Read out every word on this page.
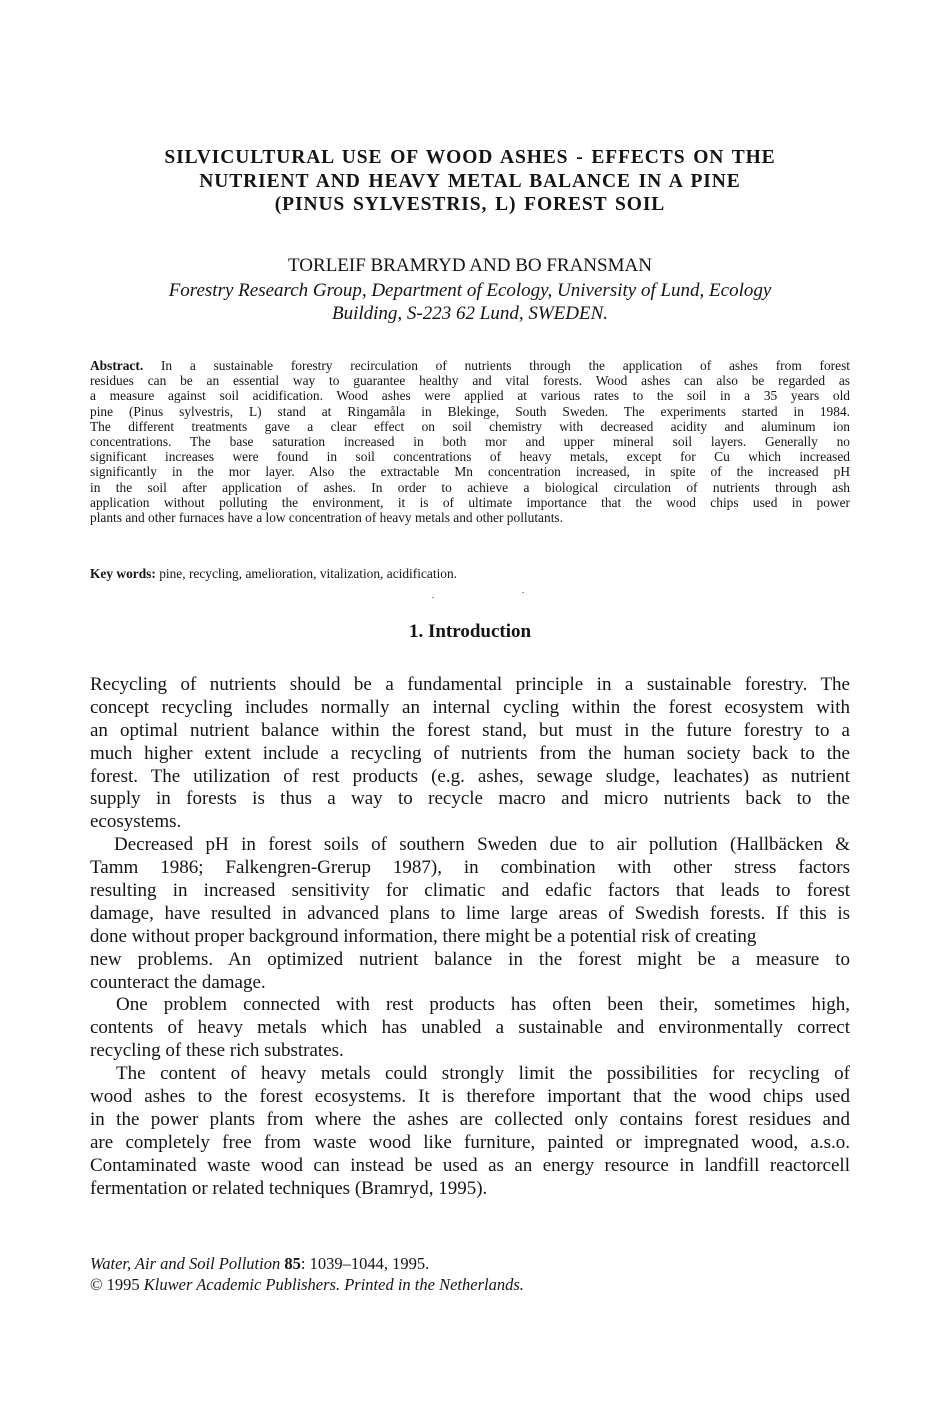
SILVICULTURAL USE OF WOOD ASHES - EFFECTS ON THE
NUTRIENT AND HEAVY METAL BALANCE IN A PINE
(PINUS SYLVESTRIS, L) FOREST SOIL
TORLEIF BRAMRYD AND BO FRANSMAN
Forestry Research Group, Department of Ecology, University of Lund, Ecology
Building, S-223 62 Lund, SWEDEN.
Abstract. In a sustainable forestry recirculation of nutrients through the application of ashes from forest
residues can be an essential way to guarantee healthy and vital forests. Wood ashes can also be regarded as
a measure against soil acidification. Wood ashes were applied at various rates to the soil in a 35 years old
pine (Pinus sylvestris, L) stand at Ringamåla in Blekinge, South Sweden. The experiments started in 1984.
The different treatments gave a clear effect on soil chemistry with decreased acidity and aluminum ion
concentrations. The base saturation increased in both mor and upper mineral soil layers. Generally no
significant increases were found in soil concentrations of heavy metals, except for Cu which increased
significantly in the mor layer. Also the extractable Mn concentration increased, in spite of the increased pH
in the soil after application of ashes. In order to achieve a biological circulation of nutrients through ash
application without polluting the environment, it is of ultimate importance that the wood chips used in power
plants and other furnaces have a low concentration of heavy metals and other pollutants.
Key words: pine, recycling, amelioration, vitalization, acidification.
1. Introduction
Recycling of nutrients should be a fundamental principle in a sustainable forestry. The
concept recycling includes normally an internal cycling within the forest ecosystem with
an optimal nutrient balance within the forest stand, but must in the future forestry to a
much higher extent include a recycling of nutrients from the human society back to the
forest. The utilization of rest products (e.g. ashes, sewage sludge, leachates) as nutrient
supply in forests is thus a way to recycle macro and micro nutrients back to the
ecosystems.
Decreased pH in forest soils of southern Sweden due to air pollution (Hallbäcken &
Tamm 1986; Falkengren-Grerup 1987), in combination with other stress factors
resulting in increased sensitivity for climatic and edafic factors that leads to forest
damage, have resulted in advanced plans to lime large areas of Swedish forests. If this is
done without proper background information, there might be a potential risk of creating
new problems. An optimized nutrient balance in the forest might be a measure to
counteract the damage.
One problem connected with rest products has often been their, sometimes high,
contents of heavy metals which has unabled a sustainable and environmentally correct
recycling of these rich substrates.
The content of heavy metals could strongly limit the possibilities for recycling of
wood ashes to the forest ecosystems. It is therefore important that the wood chips used
in the power plants from where the ashes are collected only contains forest residues and
are completely free from waste wood like furniture, painted or impregnated wood, a.s.o.
Contaminated waste wood can instead be used as an energy resource in landfill reactorcell
fermentation or related techniques (Bramryd, 1995).
Water, Air and Soil Pollution 85: 1039–1044, 1995.
© 1995 Kluwer Academic Publishers. Printed in the Netherlands.
